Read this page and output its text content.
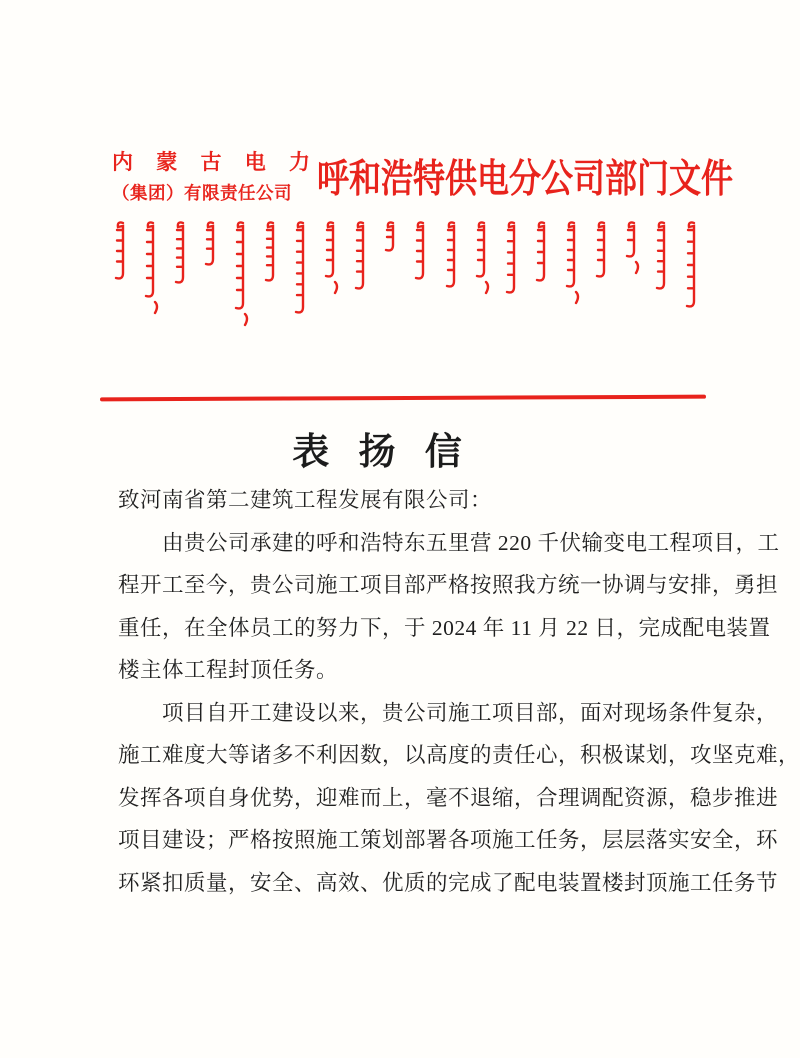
内 蒙 古 电 力
（集团）有限责任公司 呼和浩特供电分公司部门文件
表 扬 信
致河南省第二建筑工程发展有限公司：
由贵公司承建的呼和浩特东五里营 220 千伏输变电工程项目，工
程开工至今，贵公司施工项目部严格按照我方统一协调与安排，勇担
重任，在全体员工的努力下，于 2024 年 11 月 22 日，完成配电装置
楼主体工程封顶任务。
项目自开工建设以来，贵公司施工项目部，面对现场条件复杂，
施工难度大等诸多不利因数，以高度的责任心，积极谋划，攻坚克难，
发挥各项自身优势，迎难而上，毫不退缩，合理调配资源，稳步推进
项目建设；严格按照施工策划部署各项施工任务，层层落实安全，环
环紧扣质量，安全、高效、优质的完成了配电装置楼封顶施工任务节
